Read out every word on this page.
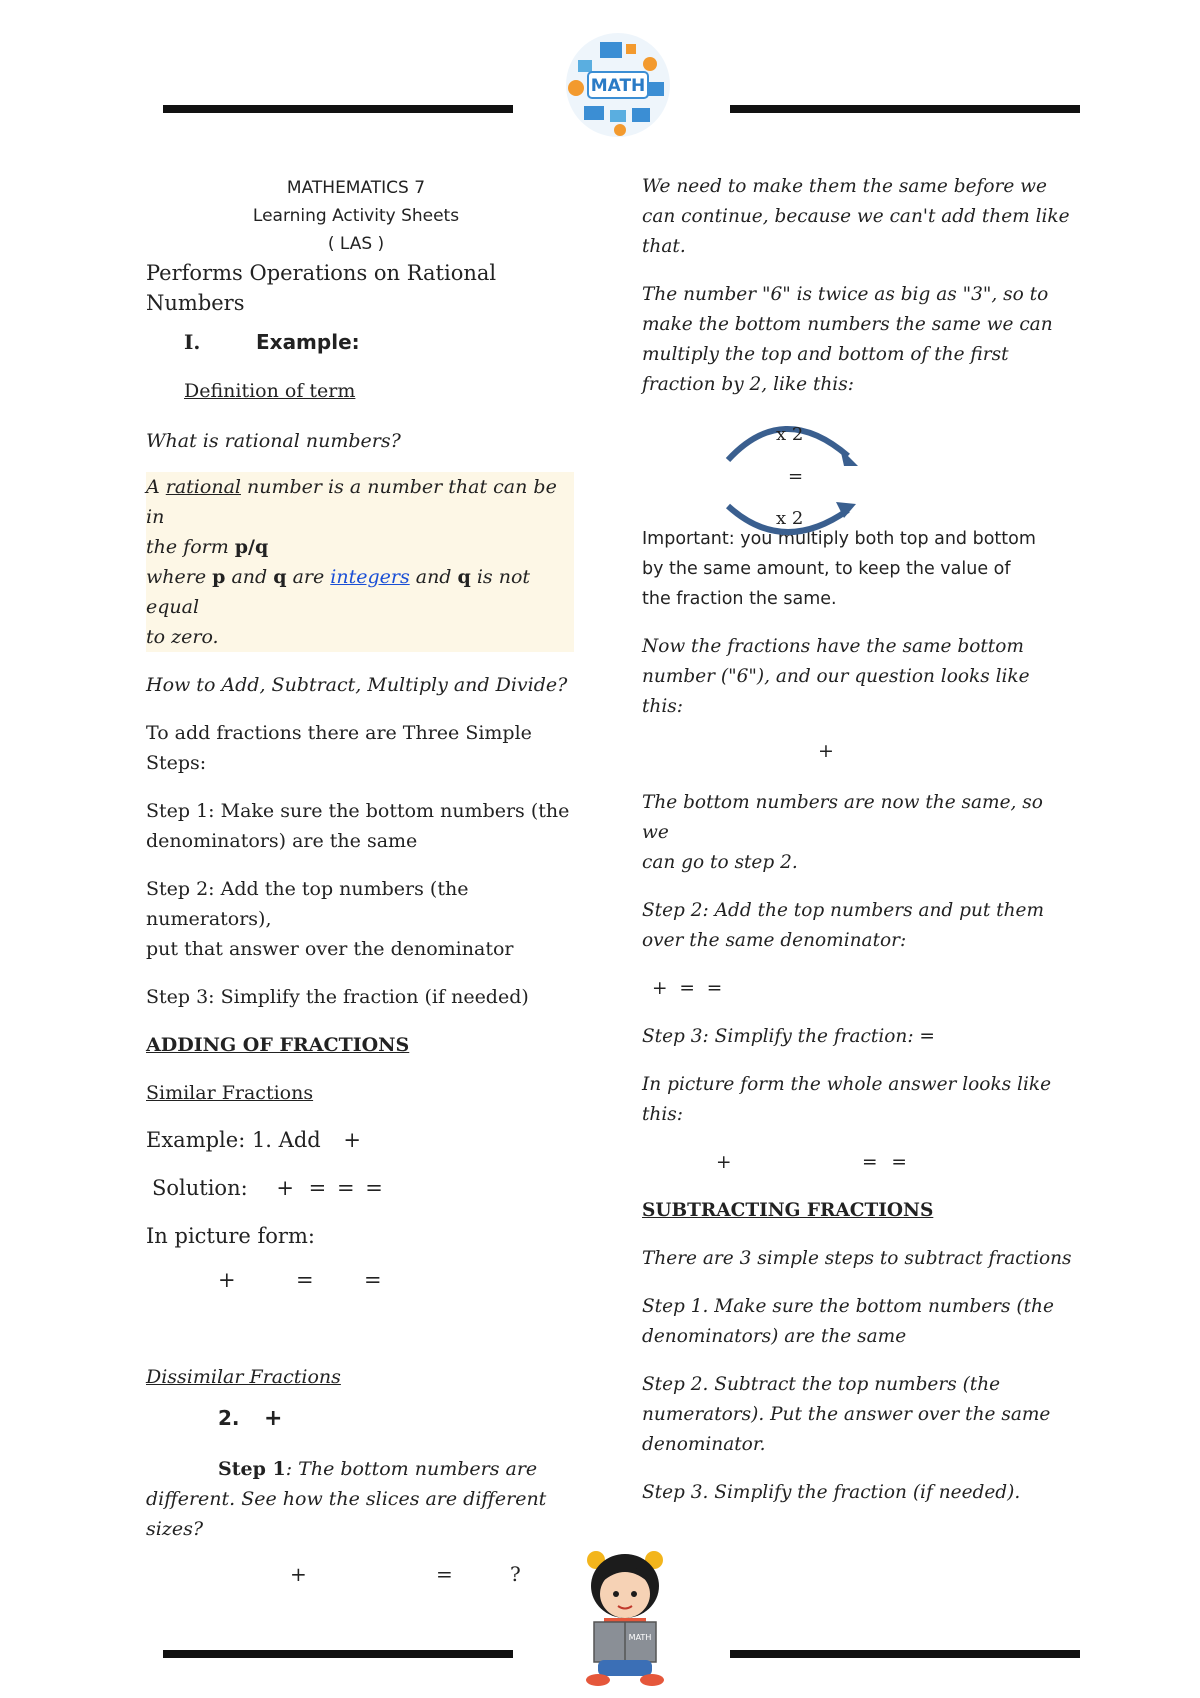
MATH
MATHEMATICS 7
Learning Activity Sheets
( LAS )
Performs Operations on Rational Numbers
I.	Example:

Definition of term

What is rational numbers?

A rational number is a number that can be in
the form p/q
where p and q are integers and q is not equal
to zero.

How to Add, Subtract, Multiply and Divide?

To add fractions there are Three Simple Steps:

Step 1: Make sure the bottom numbers (the
denominators) are the same
Step 2: Add the top numbers (the numerators),
put that answer over the denominator

Step 3: Simplify the fraction (if needed)

ADDING OF FRACTIONS

Similar Fractions

Example: 1. Add +
Solution: + = = =

In picture form:

+	= =

Dissimilar Fractions

2. +
Step 1: The bottom numbers are
different. See how the slices are different
sizes?
+	=	?
We need to make them the same before we
can continue, because we can't add them like
that.
The number "6" is twice as big as "3", so to
make the bottom numbers the same we can
multiply the top and bottom of the first
fraction by 2, like this:
x 2
=
x 2
Important: you multiply both top and bottom
by the same amount, to keep the value of
the fraction the same.
Now the fractions have the same bottom
number ("6"), and our question looks like
this:
+
The bottom numbers are now the same, so we
can go to step 2.
Step 2: Add the top numbers and put them
over the same denominator:

+ = =

Step 3: Simplify the fraction: =

In picture form the whole answer looks like
this:
+	= =

SUBTRACTING FRACTIONS

There are 3 simple steps to subtract fractions

Step 1. Make sure the bottom numbers (the
denominators) are the same
Step 2. Subtract the top numbers (the
numerators). Put the answer over the same
denominator.

Step 3. Simplify the fraction (if needed).

MATH
